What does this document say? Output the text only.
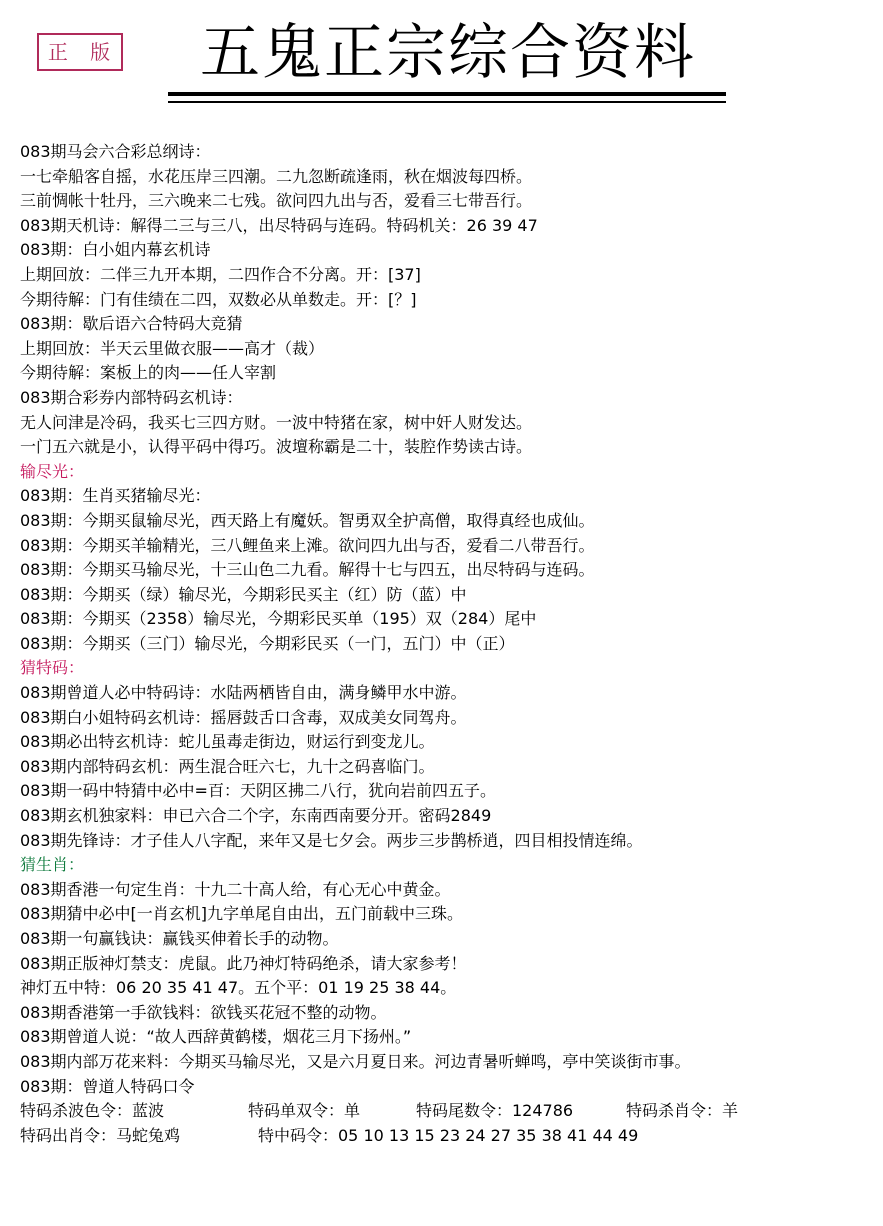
正 版	五鬼正宗综合资料
083期马会六合彩总纲诗：
一七牵船客自摇，水花压岸三四潮。二九忽断疏逢雨，秋在烟波每四桥。
三前惆帐十牡丹，三六晚来二七残。欲问四九出与否，爱看三七带吾行。
083期天机诗：解得二三与三八，出尽特码与连码。特码机关：26 39 47
083期：白小姐内幕玄机诗
上期回放：二伴三九开本期，二四作合不分离。开：[37]
今期待解：门有佳绩在二四，双数必从单数走。开：[？]
083期：歇后语六合特码大竞猜
上期回放：半天云里做衣服——高才（裁）
今期待解：案板上的肉——任人宰割
083期合彩券内部特码玄机诗：
无人问津是冷码，我买七三四方财。一波中特猪在家，树中奸人财发达。
一门五六就是小，认得平码中得巧。波壇称霸是二十，装腔作势读古诗。
输尽光：
083期：生肖买猪输尽光：
083期：今期买鼠输尽光，西天路上有魔妖。智勇双全护高僧，取得真经也成仙。
083期：今期买羊输精光，三八鲤鱼来上滩。欲问四九出与否，爱看二八带吾行。
083期：今期买马输尽光，十三山色二九看。解得十七与四五，出尽特码与连码。
083期：今期买（绿）输尽光，今期彩民买主（红）防（蓝）中
083期：今期买（2358）输尽光，今期彩民买单（195）双（284）尾中
083期：今期买（三门）输尽光，今期彩民买（一门，五门）中（正）
猜特码：
083期曾道人必中特码诗：水陆两栖皆自由，满身鳞甲水中游。
083期白小姐特码玄机诗：摇唇鼓舌口含毒，双成美女同驾舟。
083期必出特玄机诗：蛇儿虽毒走街边，财运行到变龙儿。
083期内部特码玄机：两生混合旺六七，九十之码喜临门。
083期一码中特猜中必中=百：天阴区拂二八行，犹向岩前四五子。
083期玄机独家料：申已六合二个字，东南西南要分开。密码2849
083期先锋诗：才子佳人八字配，来年又是七夕会。两步三步鹊桥逍，四目相投情连绵。
猜生肖：
083期香港一句定生肖：十九二十高人给，有心无心中黄金。
083期猜中必中[一肖玄机]九字单尾自由出，五门前载中三珠。
083期一句赢钱诀：赢钱买伸着长手的动物。
083期正版神灯禁支：虎鼠。此乃神灯特码绝杀，请大家参考！
神灯五中特：06 20 35 41 47。五个平：01 19 25 38 44。
083期香港第一手欲钱料：欲钱买花冠不整的动物。
083期曾道人说：“故人西辞黄鹤楼，烟花三月下扬州。”
083期内部万花来料：今期买马输尽光，又是六月夏日来。河边青暑听蝉鸣，亭中笑谈街市事。
083期：曾道人特码口令
特码杀波色令：蓝波	特码单双令：单	特码尾数令：124786	特码杀肖令：羊
特码出肖令：马蛇兔鸡	特中码令：05 10 13 15 23 24 27 35 38 41 44 49
